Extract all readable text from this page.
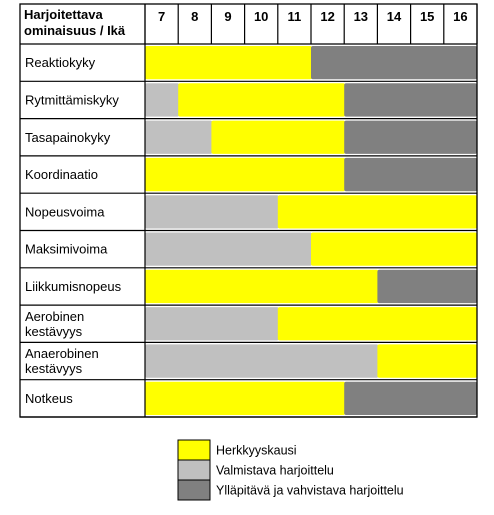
Harjoitettava
ominaisuus / Ikä
7 8 9 10 11 12 13 14 15 16
Reaktiokyky
Rytmittämiskyky
Tasapainokyky
Koordinaatio
Nopeusvoima
Maksimivoima
Liikkumisnopeus
Aerobinen
kestävyys
Anaerobinen
kestävyys
Notkeus
Herkkyyskausi
Valmistava harjoittelu
Ylläpitävä ja vahvistava harjoittelu
